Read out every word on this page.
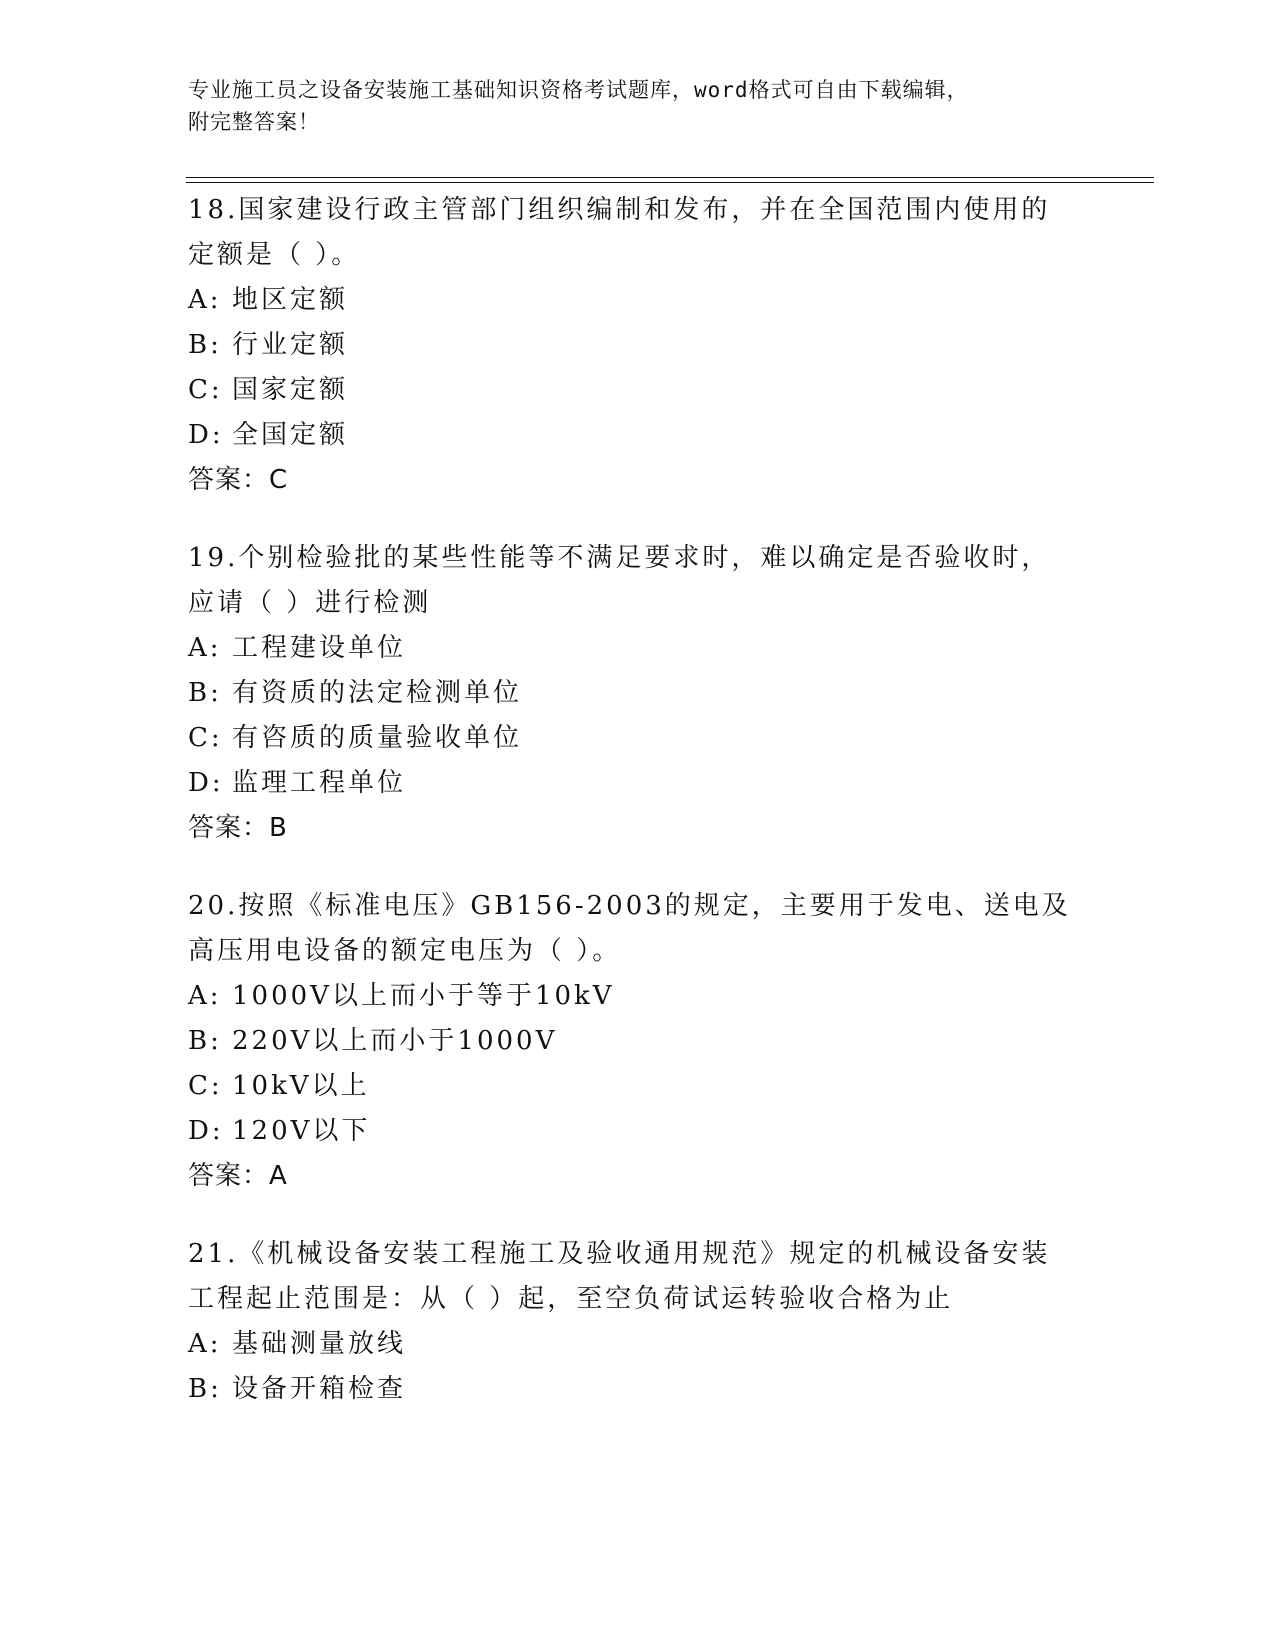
专业施工员之设备安装施工基础知识资格考试题库，word格式可自由下载编辑，
附完整答案！
18.国家建设行政主管部门组织编制和发布，并在全国范围内使用的定额是（ ）。
A: 地区定额
B: 行业定额
C: 国家定额
D: 全国定额
答案：C
19.个别检验批的某些性能等不满足要求时，难以确定是否验收时，应请（ ）进行检测
A: 工程建设单位
B: 有资质的法定检测单位
C: 有咨质的质量验收单位
D: 监理工程单位
答案：B
20.按照《标准电压》GB156-2003的规定，主要用于发电、送电及高压用电设备的额定电压为（ ）。
A: 1000V以上而小于等于10kV
B: 220V以上而小于1000V
C: 10kV以上
D: 120V以下
答案：A
21.《机械设备安装工程施工及验收通用规范》规定的机械设备安装工程起止范围是：从（ ）起，至空负荷试运转验收合格为止
A: 基础测量放线
B: 设备开箱检查
